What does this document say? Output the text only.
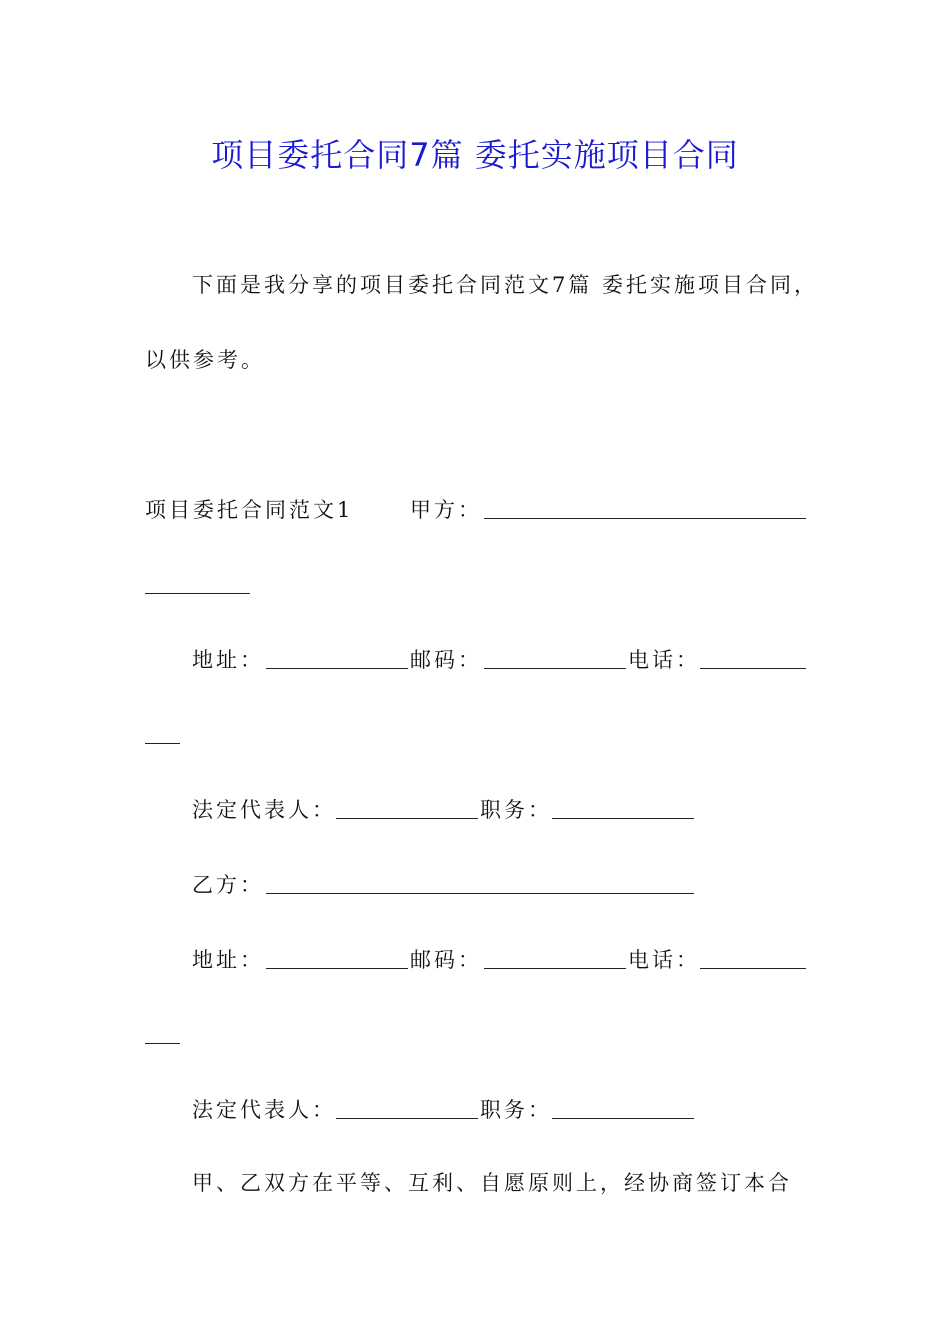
项目委托合同7篇 委托实施项目合同
下面是我分享的项目委托合同范文7篇 委托实施项目合同，
以供参考。
项目委托合同范文1	甲方：
地址：	邮码：	电话：
法定代表人：	职务：
乙方：
地址：	邮码：	电话：
法定代表人：	职务：
甲、乙双方在平等、互利、自愿原则上，经协商签订本合
